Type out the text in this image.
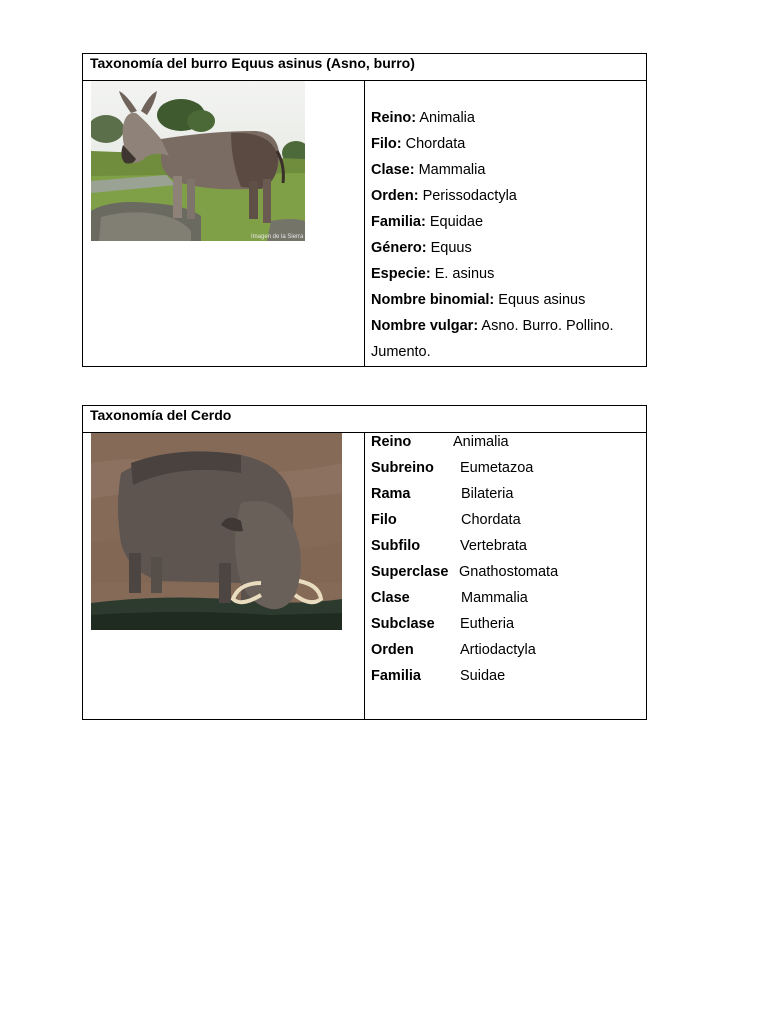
Taxonomía del burro Equus asinus (Asno, burro)
Imagen de la Sierra
Reino: Animalia
Filo: Chordata
Clase: Mammalia
Orden: Perissodactyla
Familia: Equidae
Género: Equus
Especie: E. asinus
Nombre binomial: Equus asinus
Nombre vulgar: Asno. Burro. Pollino. Jumento.
Taxonomía del Cerdo
Reino	Animalia
Subreino Eumetazoa
Rama	Bilateria
Filo	Chordata
Subfilo	Vertebrata
Superclase Gnathostomata
Clase	Mammalia
Subclase Eutheria
Orden	Artiodactyla
Familia	Suidae
